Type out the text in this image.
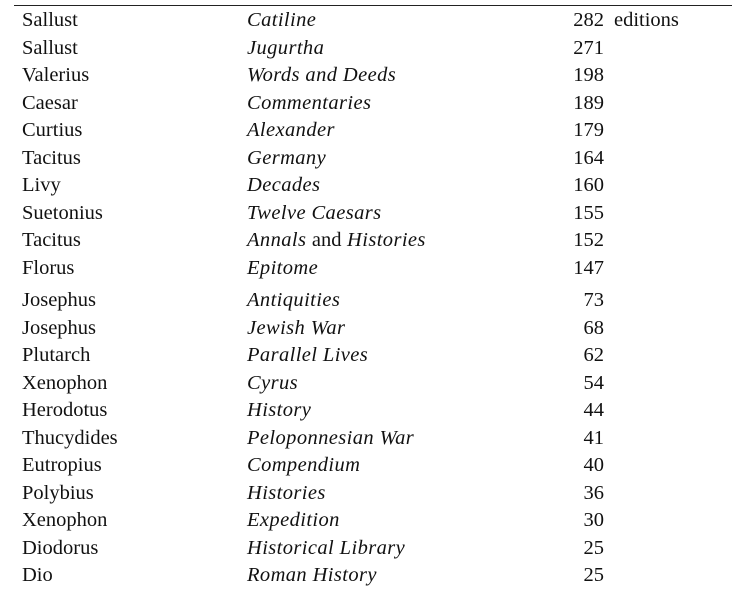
Sallust	Catiline	282 editions
Sallust	Jugurtha	271
Valerius	Words and Deeds	198
Caesar	Commentaries	189
Curtius	Alexander	179
Tacitus	Germany	164
Livy	Decades	160
Suetonius	Twelve Caesars	155
Tacitus	Annals and Histories	152
Florus	Epitome	147
Josephus	Antiquities	73
Josephus	Jewish War	68
Plutarch	Parallel Lives	62
Xenophon	Cyrus	54
Herodotus	History	44
Thucydides	Peloponnesian War	41
Eutropius	Compendium	40
Polybius	Histories	36
Xenophon	Expedition	30
Diodorus	Historical Library	25
Dio	Roman History	25
